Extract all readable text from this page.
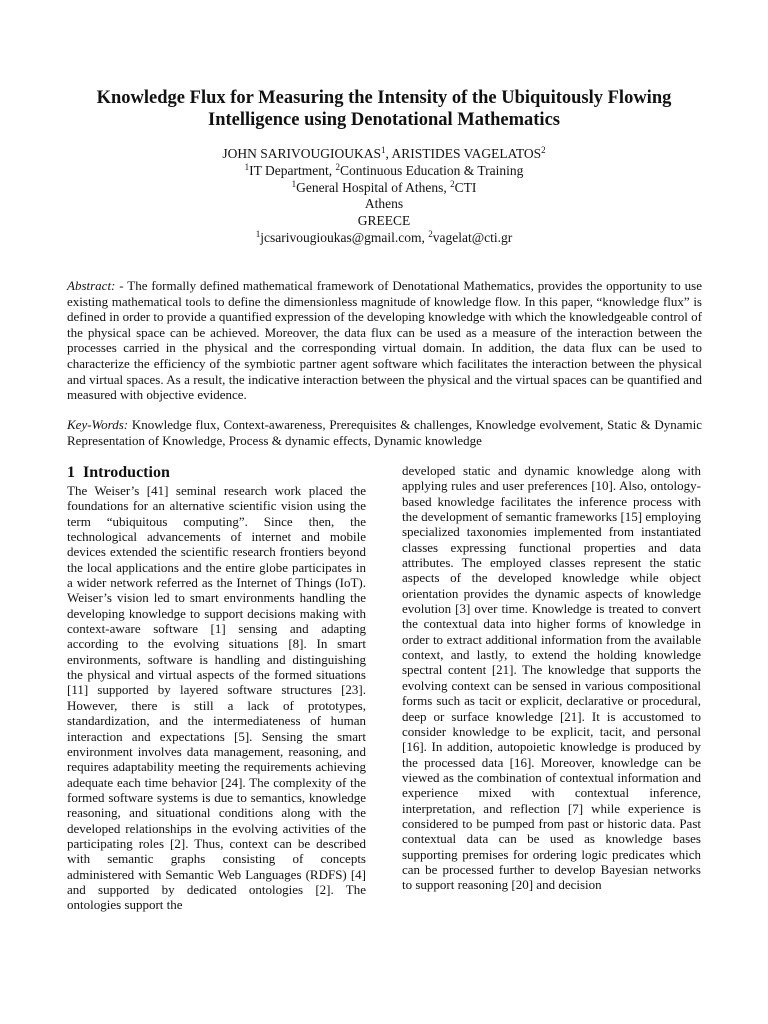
Knowledge Flux for Measuring the Intensity of the Ubiquitously Flowing Intelligence using Denotational Mathematics
JOHN SARIVOUGIOUKAS$^1$, ARISTIDES VAGELATOS$^2$
$^1$IT Department, $^2$Continuous Education & Training
$^1$General Hospital of Athens, $^2$CTI
Athens
GREECE
$^1$jcsarivougioukas@gmail.com, $^2$vagelat@cti.gr
Abstract: - The formally defined mathematical framework of Denotational Mathematics, provides the opportunity to use existing mathematical tools to define the dimensionless magnitude of knowledge flow. In this paper, “knowledge flux” is defined in order to provide a quantified expression of the developing knowledge with which the knowledgeable control of the physical space can be achieved. Moreover, the data flux can be used as a measure of the interaction between the processes carried in the physical and the corresponding virtual domain. In addition, the data flux can be used to characterize the efficiency of the symbiotic partner agent software which facilitates the interaction between the physical and virtual spaces. As a result, the indicative interaction between the physical and the virtual spaces can be quantified and measured with objective evidence.
Key-Words: Knowledge flux, Context-awareness, Prerequisites & challenges, Knowledge evolvement, Static & Dynamic Representation of Knowledge, Process & dynamic effects, Dynamic knowledge
1 Introduction

The Weiser’s [41] seminal research work placed the foundations for an alternative scientific vision using the term “ubiquitous computing”. Since then, the technological advancements of internet and mobile devices extended the scientific research frontiers beyond the local applications and the entire globe participates in a wider network referred as the Internet of Things (IoT). Weiser’s vision led to smart environments handling the developing knowledge to support decisions making with context-aware software [1] sensing and adapting according to the evolving situations [8]. In smart environments, software is handling and distinguishing the physical and virtual aspects of the formed situations [11] supported by layered software structures [23]. However, there is still a lack of prototypes, standardization, and the intermediateness of human interaction and expectations [5]. Sensing the smart environment involves data management, reasoning, and requires adaptability meeting the requirements achieving adequate each time behavior [24]. The complexity of the formed software systems is due to semantics, knowledge reasoning, and situational conditions along with the developed relationships in the evolving activities of the participating roles [2]. Thus, context can be described with semantic graphs consisting of concepts administered with Semantic Web Languages (RDFS) [4] and supported by dedicated ontologies [2]. The ontologies support the

developed static and dynamic knowledge along with applying rules and user preferences [10]. Also, ontology-based knowledge facilitates the inference process with the development of semantic frameworks [15] employing specialized taxonomies implemented from instantiated classes expressing functional properties and data attributes. The employed classes represent the static aspects of the developed knowledge while object orientation provides the dynamic aspects of knowledge evolution [3] over time. Knowledge is treated to convert the contextual data into higher forms of knowledge in order to extract additional information from the available context, and lastly, to extend the holding knowledge spectral content [21]. The knowledge that supports the evolving context can be sensed in various compositional forms such as tacit or explicit, declarative or procedural, deep or surface knowledge [21]. It is accustomed to consider knowledge to be explicit, tacit, and personal [16]. In addition, autopoietic knowledge is produced by the processed data [16]. Moreover, knowledge can be viewed as the combination of contextual information and experience mixed with contextual inference, interpretation, and reflection [7] while experience is considered to be pumped from past or historic data. Past contextual data can be used as knowledge bases supporting premises for ordering logic predicates which can be processed further to develop Bayesian networks to support reasoning [20] and decision
